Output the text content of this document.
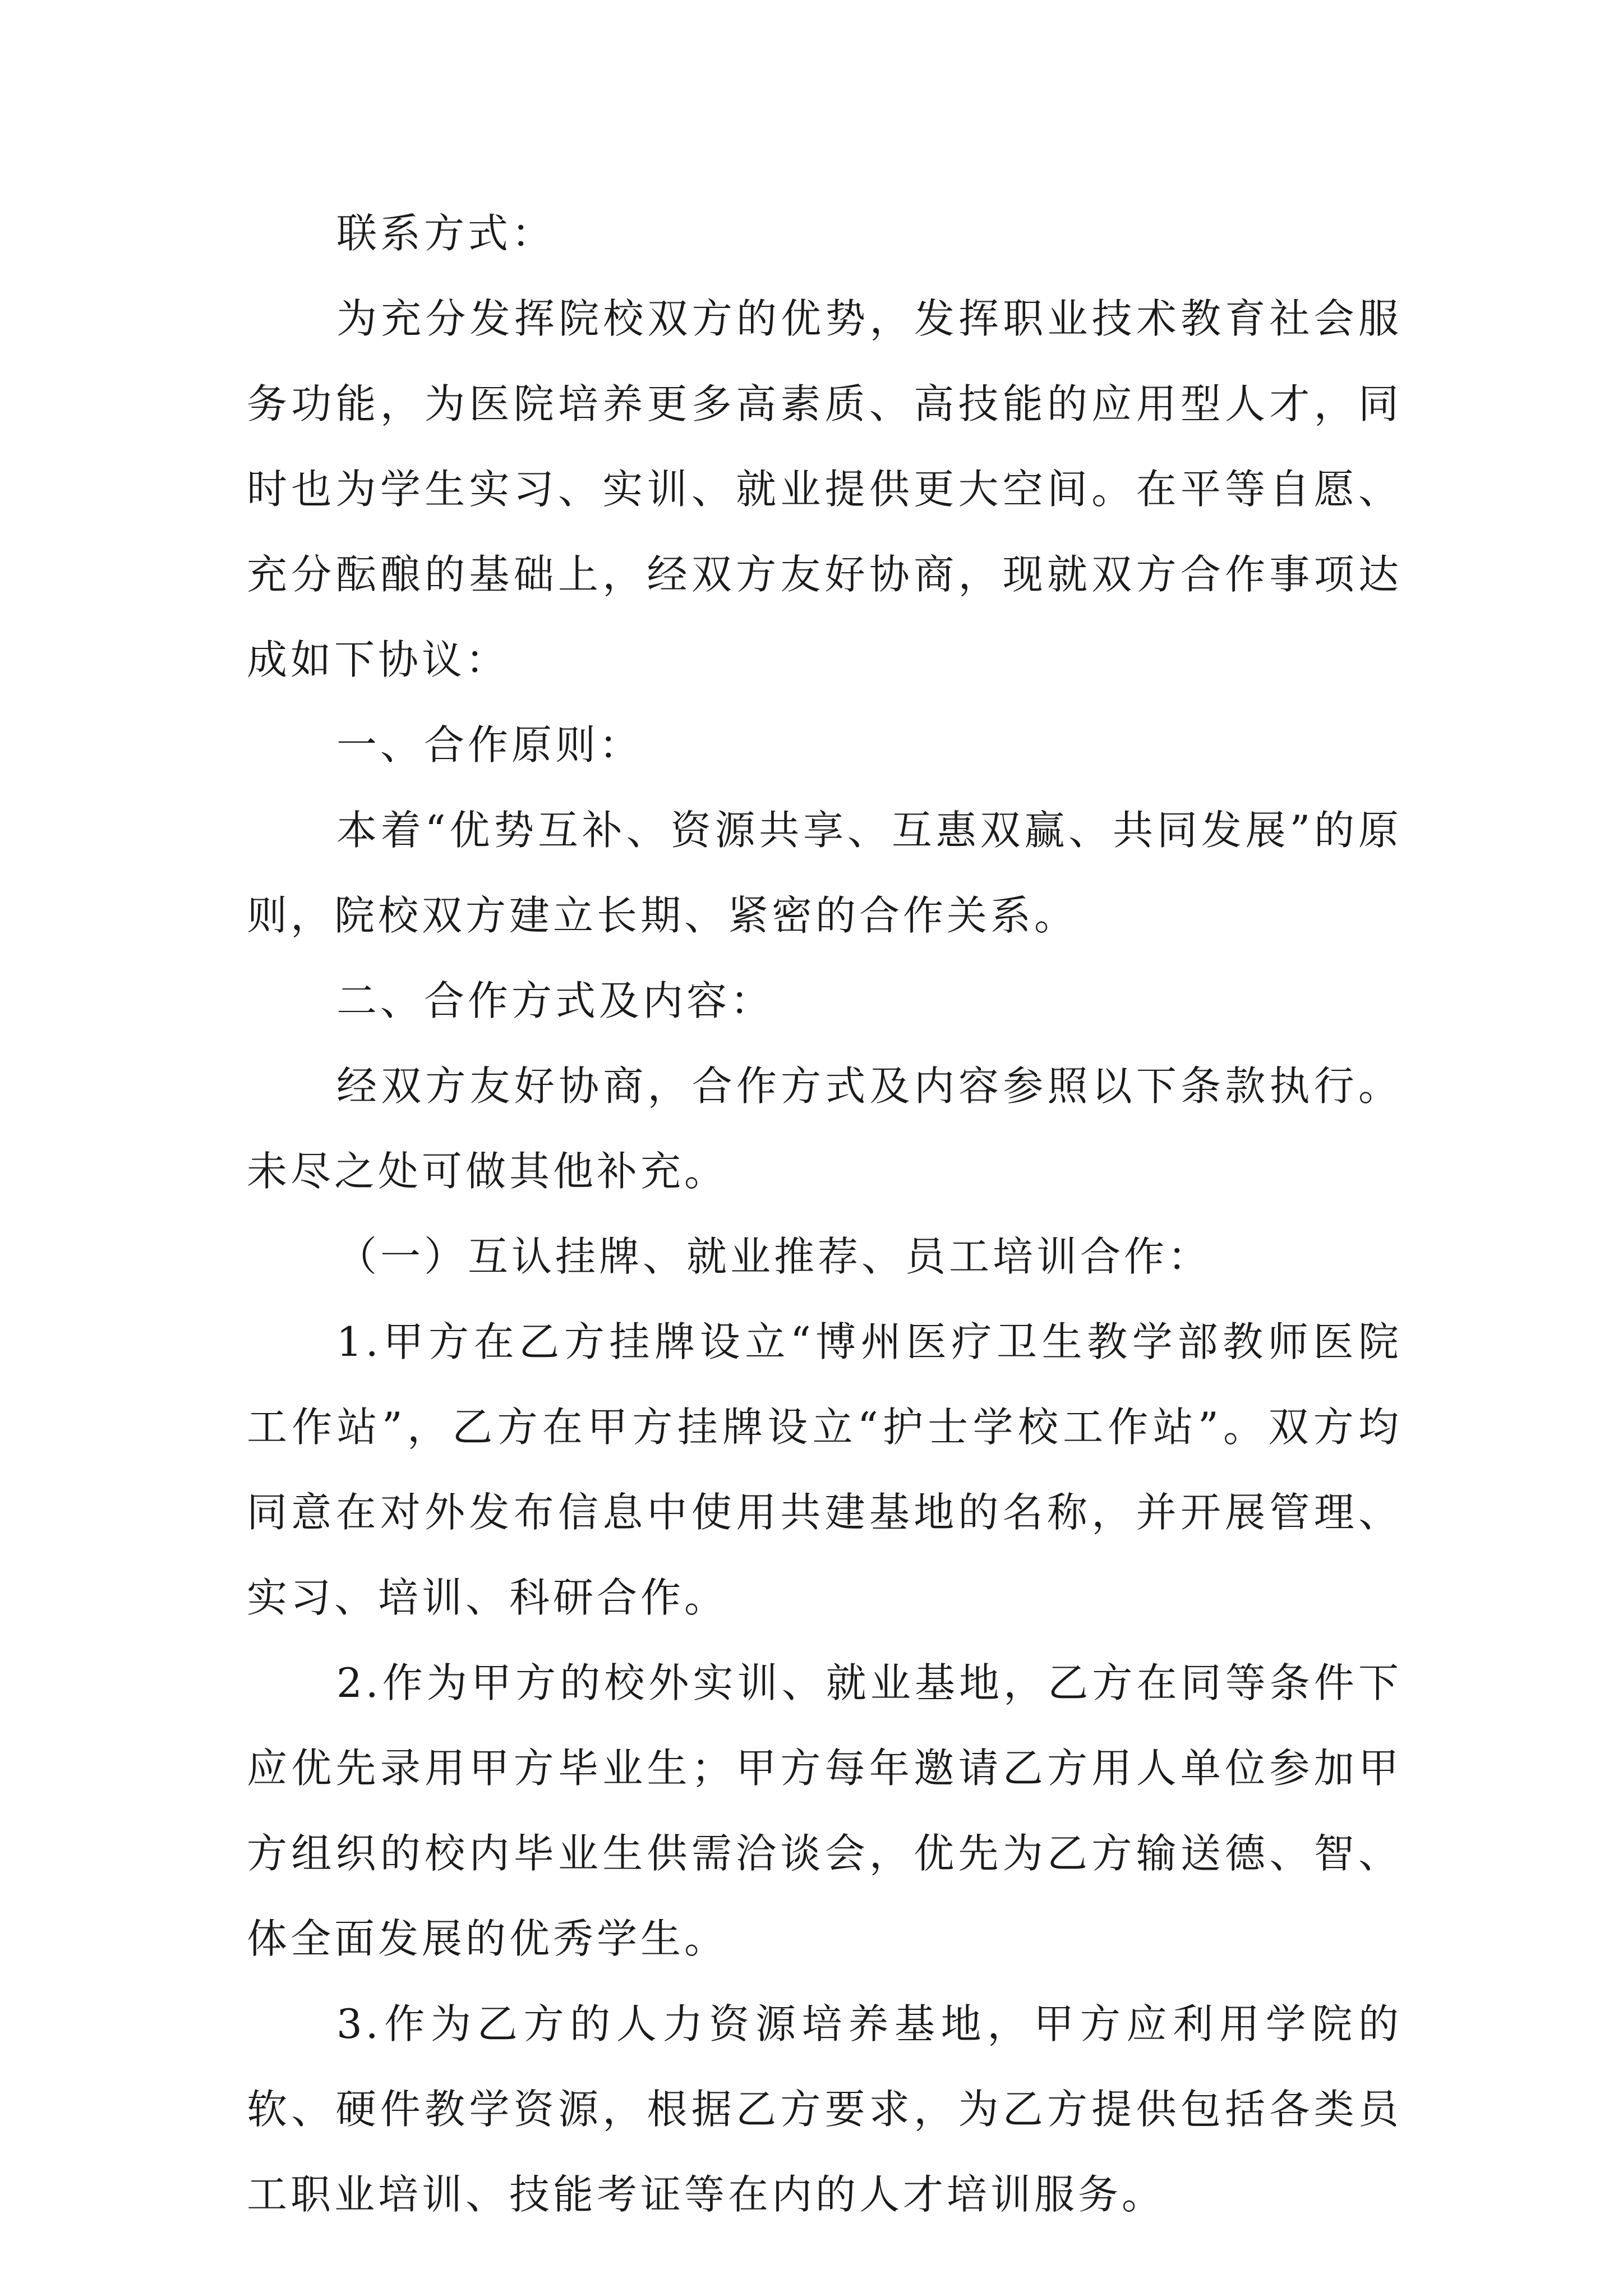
联系方式：

为充分发挥院校双方的优势，发挥职业技术教育社会服务功能，为医院培养更多高素质、高技能的应用型人才，同时也为学生实习、实训、就业提供更大空间。在平等自愿、充分酝酿的基础上，经双方友好协商，现就双方合作事项达成如下协议：

一、合作原则：

本着“优势互补、资源共享、互惠双赢、共同发展”的原则，院校双方建立长期、紧密的合作关系。

二、合作方式及内容：

经双方友好协商，合作方式及内容参照以下条款执行。未尽之处可做其他补充。

（一）互认挂牌、就业推荐、员工培训合作：

1.甲方在乙方挂牌设立“博州医疗卫生教学部教师医院工作站”，乙方在甲方挂牌设立“护士学校工作站”。双方均同意在对外发布信息中使用共建基地的名称，并开展管理、实习、培训、科研合作。

2.作为甲方的校外实训、就业基地，乙方在同等条件下应优先录用甲方毕业生；甲方每年邀请乙方用人单位参加甲方组织的校内毕业生供需洽谈会，优先为乙方输送德、智、体全面发展的优秀学生。

3.作为乙方的人力资源培养基地，甲方应利用学院的软、硬件教学资源，根据乙方要求，为乙方提供包括各类员工职业培训、技能考证等在内的人才培训服务。
